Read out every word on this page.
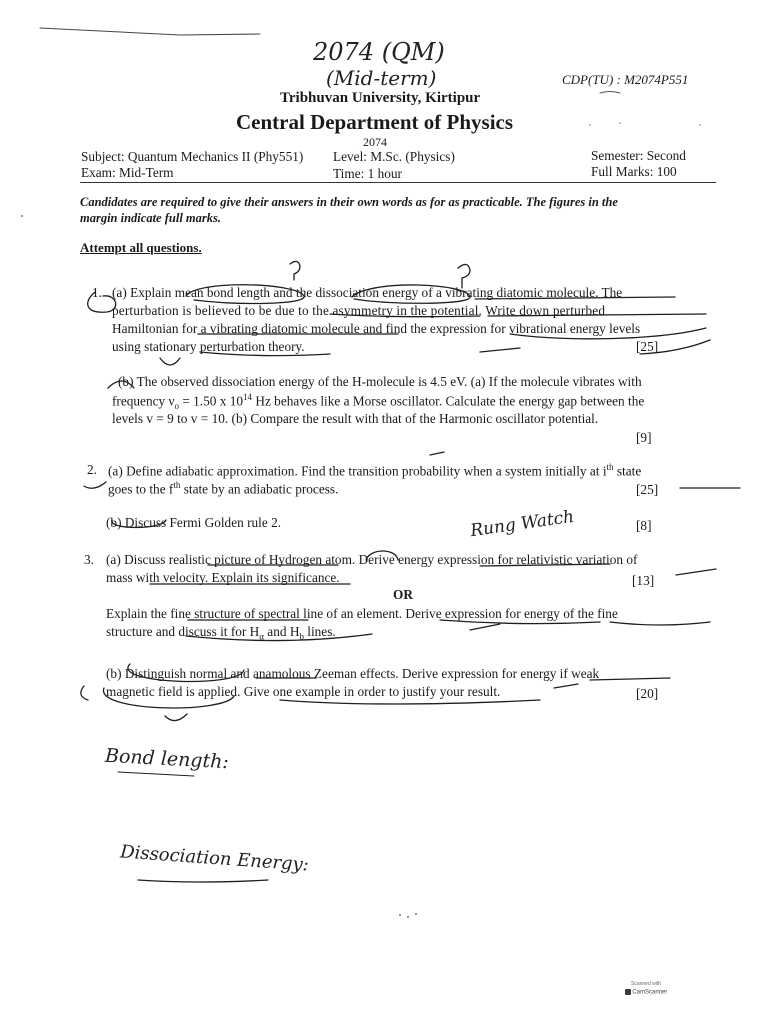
2074 (QM)
(Mid-term)	CDP(TU) : M2074P551
Tribhuvan University, Kirtipur
Central Department of Physics
2074
Subject: Quantum Mechanics II (Phy551) Level: M.Sc. (Physics)	Semester: Second
Exam: Mid-Term	Time: 1 hour	Full Marks: 100
Candidates are required to give their answers in their own words as for as practicable. The figures in the
margin indicate full marks.
Attempt all questions.
1. (a) Explain mean bond length and the dissociation energy of a vibrating diatomic molecule. The
perturbation is believed to be due to the asymmetry in the potential. Write down perturbed
Hamiltonian for a vibrating diatomic molecule and find the expression for vibrational energy levels
using stationary perturbation theory.	[25]
(b) The observed dissociation energy of the H-molecule is 4.5 eV. (a) If the molecule vibrates with
frequency $\nu_o = 1.50$ x $10^{14}$ Hz behaves like a Morse oscillator. Calculate the energy gap between the
levels v = 9 to v = 10. (b) Compare the result with that of the Harmonic oscillator potential.
[9]
2. (a) Define adiabatic approximation. Find the transition probability when a system initially at $i^{th}$ state
goes to the $f^{th}$ state by an adiabatic process.	[25]
(b) Discuss Fermi Golden rule 2.	[8]
Rung Watch
3. (a) Discuss realistic picture of Hydrogen atom. Derive energy expression for relativistic variation of
mass with velocity. Explain its significance.	[13]
OR
Explain the fine structure of spectral line of an element. Derive expression for energy of the fine
structure and discuss it for $H_\alpha$ and $H_b$ lines.
(b) Distinguish normal and anamolous Zeeman effects. Derive expression for energy if weak
magnetic field is applied. Give one example in order to justify your result.	[20]
Bond length:
Dissociation Energy:
Scanned with
CamScanner
